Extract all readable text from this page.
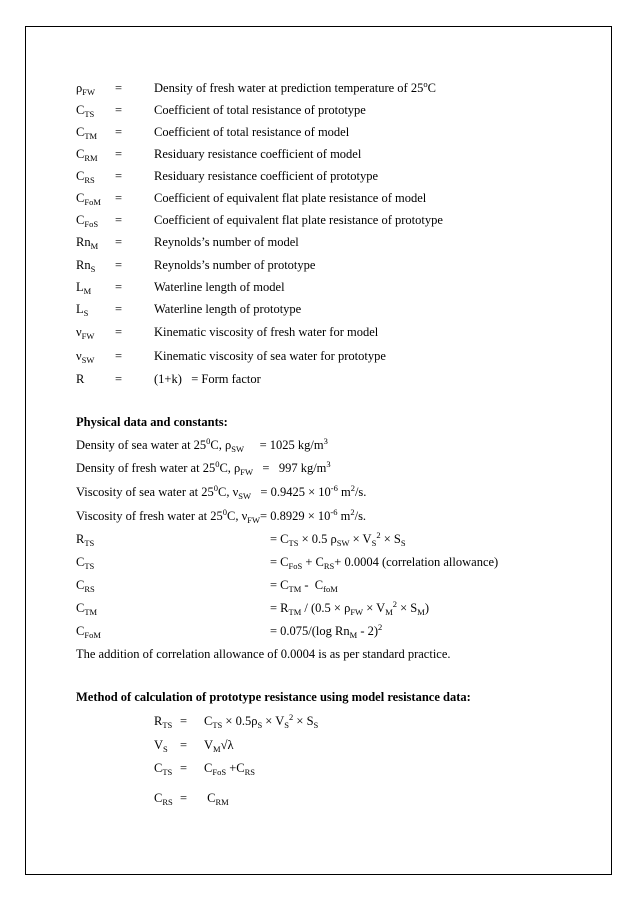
$\rho_{FW}$ =	Density of fresh water at prediction temperature of 25$^o$C
$C_{TS}$ =	Coefficient of total resistance of prototype
$C_{TM}$ =	Coefficient of total resistance of model
$C_{RM}$ =	Residuary resistance coefficient of model
$C_{RS}$ =	Residuary resistance coefficient of prototype
$C_{FoM}$ =	Coefficient of equivalent flat plate resistance of model
$C_{FoS}$ =	Coefficient of equivalent flat plate resistance of prototype
$Rn_M$ =	Reynolds’s number of model
$Rn_S$ =	Reynolds’s number of prototype
$L_M$ =	Waterline length of model
$L_S$ =	Waterline length of prototype
$\nu_{FW}$ =	Kinematic viscosity of fresh water for model
$\nu_{SW}$ =	Kinematic viscosity of sea water for prototype
R =	(1+k)   = Form factor
Physical data and constants:
Density of sea water at $25^0C$, $\rho_{SW}$     = 1025 $kg/m^3$
Density of fresh water at $25^0C$, $\rho_{FW} = 997$ $kg/m^3$
Viscosity of sea water at $25^0C$, $\nu_{SW} = 0.9425 \times 10^{-6}$ $m^2/s$.
Viscosity of fresh water at $25^0C$, $\nu_{FW}= 0.8929 \times 10^{-6}$ $m^2/s$.
$R_{TS}$	= $C_{TS} \times 0.5$ $\rho_{SW} \times V_S^2 \times S_S$
$C_{TS}$	= $C_{FoS} + C_{RS}+ 0.0004$ (correlation allowance)
$C_{RS}$	= $C_{TM} - C_{foM}$
$C_{TM}$	= $R_{TM} / (0.5 \times \rho_{FW} \times V_M^2 \times S_M)$
$C_{FoM}$	= 0.075/(log $Rn_M - 2)^2$
The addition of correlation allowance of 0.0004 is as per standard practice.
Method of calculation of prototype resistance using model resistance data:
$R_{TS} = C_{TS} \times 0.5\rho_S \times V_S^2 \times S_S$
$V_S = V_M√\lambda$
$C_{TS} = C_{FoS} +C_{RS}$
$C_{RS} = C_{RM}$
